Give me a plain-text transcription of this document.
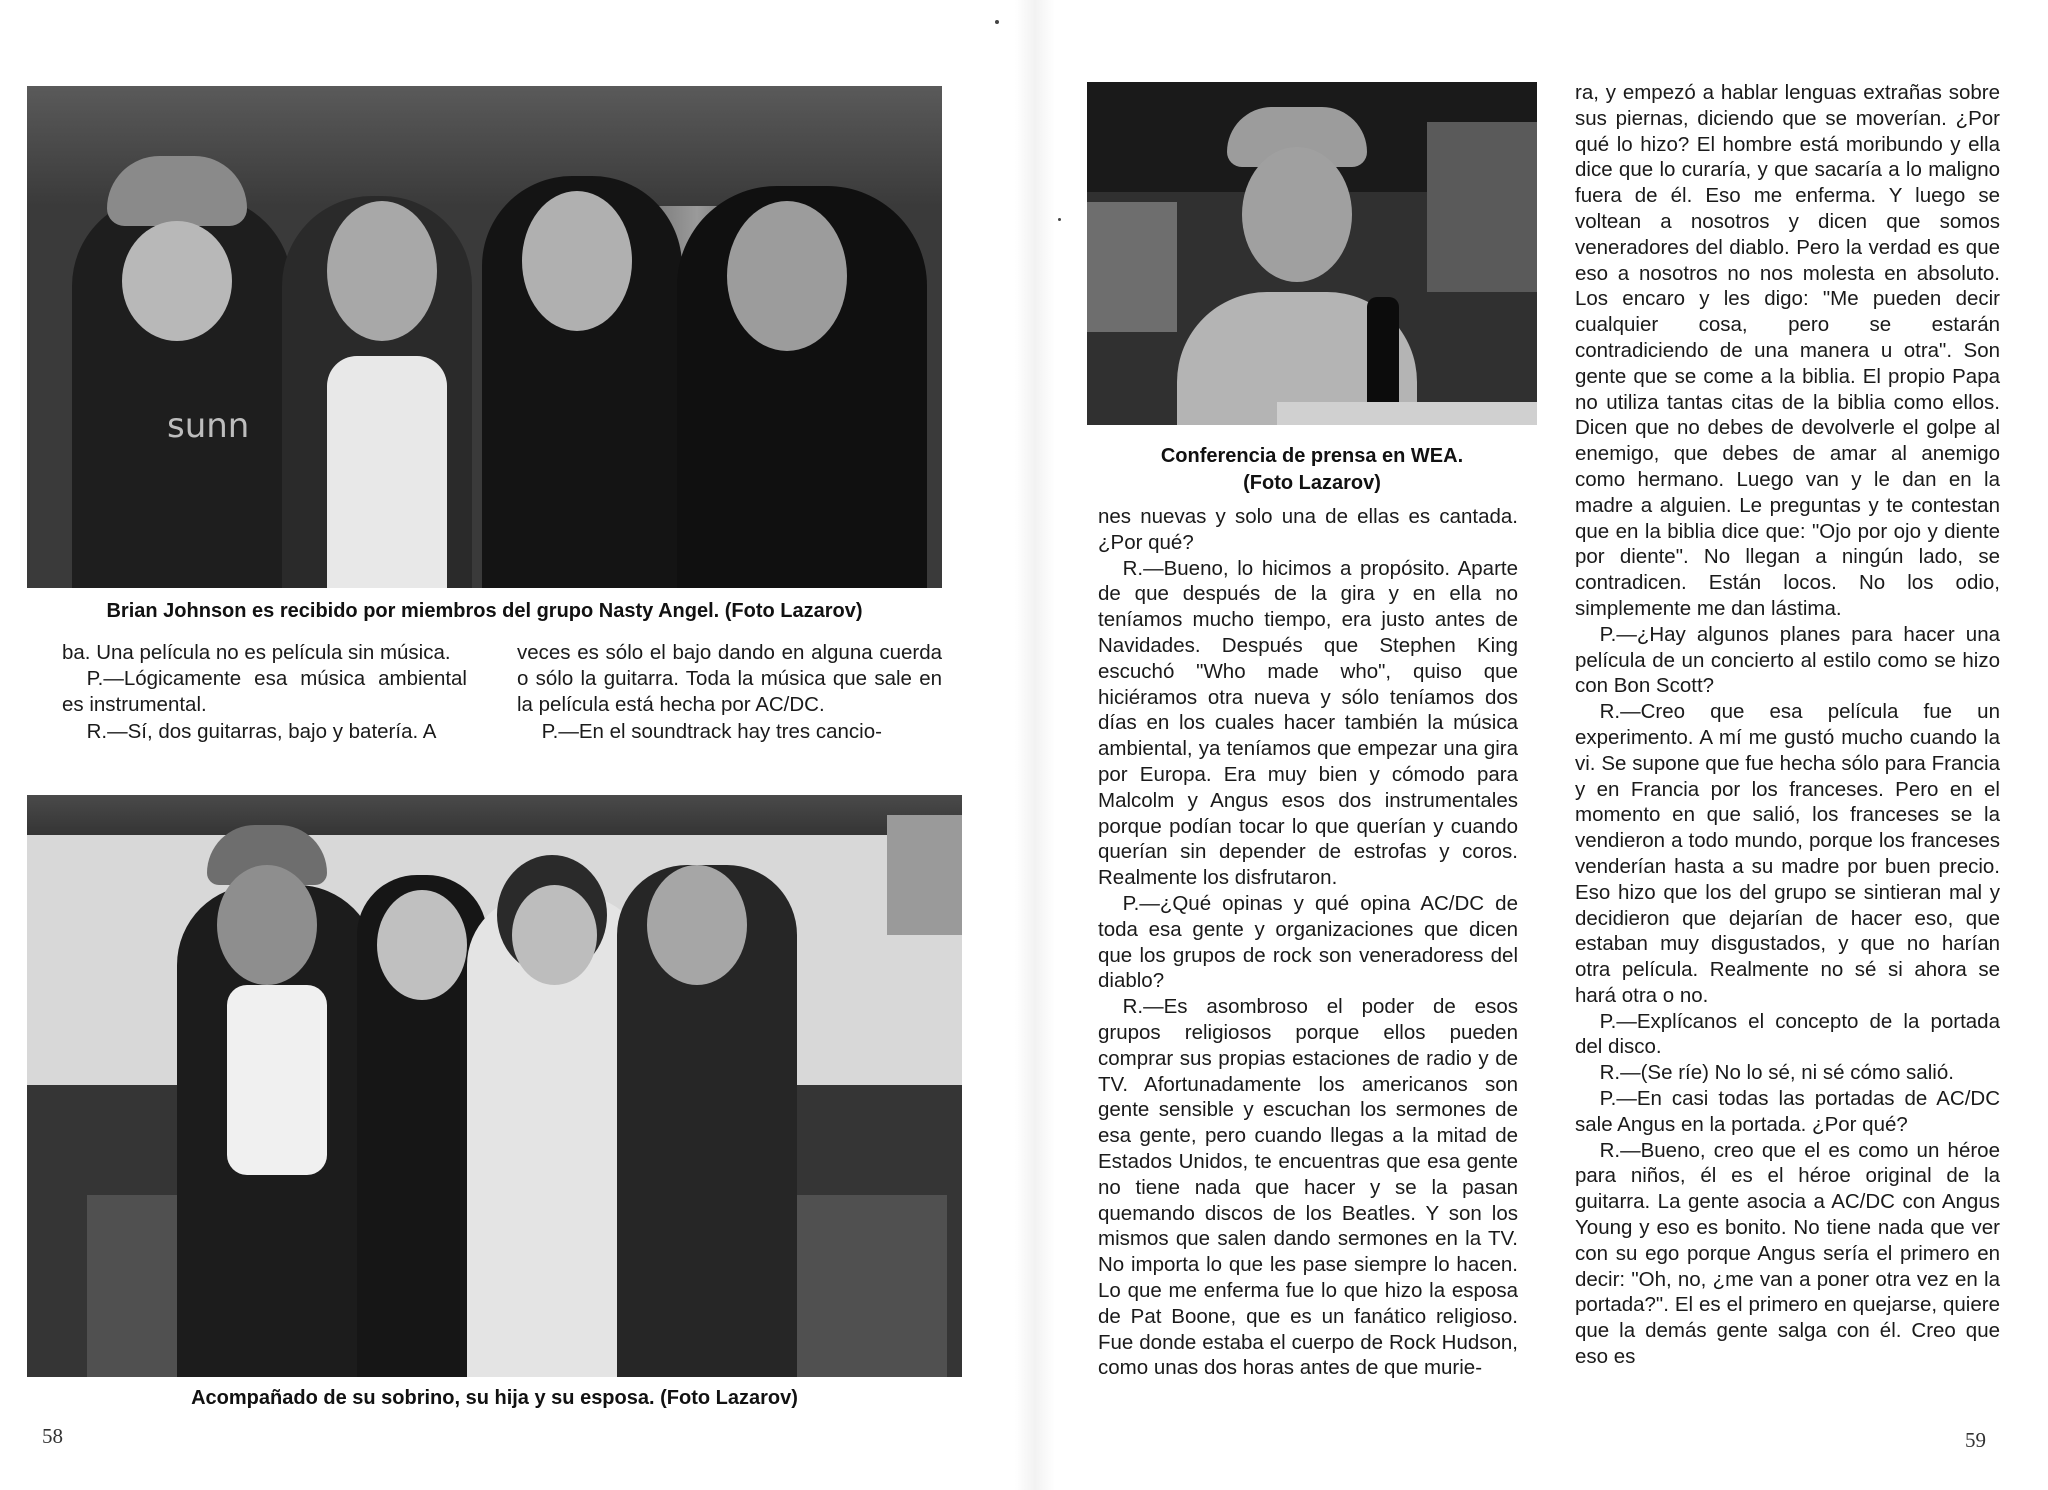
sunn
Brian Johnson es recibido por miembros del grupo Nasty Angel. (Foto Lazarov)

ba. Una película no es película sin música.

P.—Lógicamente esa música ambiental es instrumental.

R.—Sí, dos guitarras, bajo y batería. A

veces es sólo el bajo dando en alguna cuerda o sólo la guitarra. Toda la música que sale en la película está hecha por AC/DC.

P.—En el soundtrack hay tres cancio-

Acompañado de su sobrino, su hija y su esposa. (Foto Lazarov)
58
Conferencia de prensa en WEA.
(Foto Lazarov)

nes nuevas y solo una de ellas es cantada. ¿Por qué?

R.—Bueno, lo hicimos a propósito. Aparte de que después de la gira y en ella no teníamos mucho tiempo, era justo antes de Navidades. Después que Stephen King escuchó "Who made who", quiso que hiciéramos otra nueva y sólo teníamos dos días en los cuales hacer también la música ambiental, ya teníamos que empezar una gira por Europa. Era muy bien y cómodo para Malcolm y Angus esos dos instrumentales porque podían tocar lo que querían y cuando querían sin depender de estrofas y coros. Realmente los disfrutaron.

P.—¿Qué opinas y qué opina AC/DC de toda esa gente y organizaciones que dicen que los grupos de rock son veneradoress del diablo?

R.—Es asombroso el poder de esos grupos religiosos porque ellos pueden comprar sus propias estaciones de radio y de TV. Afortunadamente los americanos son gente sensible y escuchan los sermones de esa gente, pero cuando llegas a la mitad de Estados Unidos, te encuentras que esa gente no tiene nada que hacer y se la pasan quemando discos de los Beatles. Y son los mismos que salen dando sermones en la TV. No importa lo que les pase siempre lo hacen. Lo que me enferma fue lo que hizo la esposa de Pat Boone, que es un fanático religioso. Fue donde estaba el cuerpo de Rock Hudson, como unas dos horas antes de que murie-

ra, y empezó a hablar lenguas extrañas sobre sus piernas, diciendo que se moverían. ¿Por qué lo hizo? El hombre está moribundo y ella dice que lo curaría, y que sacaría a lo maligno fuera de él. Eso me enferma. Y luego se voltean a nosotros y dicen que somos veneradores del diablo. Pero la verdad es que eso a nosotros no nos molesta en absoluto. Los encaro y les digo: "Me pueden decir cualquier cosa, pero se estarán contradiciendo de una manera u otra". Son gente que se come a la biblia. El propio Papa no utiliza tantas citas de la biblia como ellos. Dicen que no debes de devolverle el golpe al enemigo, que debes de amar al anemigo como hermano. Luego van y le dan en la madre a alguien. Le preguntas y te contestan que en la biblia dice que: "Ojo por ojo y diente por diente". No llegan a ningún lado, se contradicen. Están locos. No los odio, simplemente me dan lástima.

P.—¿Hay algunos planes para hacer una película de un concierto al estilo como se hizo con Bon Scott?

R.—Creo que esa película fue un experimento. A mí me gustó mucho cuando la vi. Se supone que fue hecha sólo para Francia y en Francia por los franceses. Pero en el momento en que salió, los franceses se la vendieron a todo mundo, porque los franceses venderían hasta a su madre por buen precio. Eso hizo que los del grupo se sintieran mal y decidieron que dejarían de hacer eso, que estaban muy disgustados, y que no harían otra película. Realmente no sé si ahora se hará otra o no.

P.—Explícanos el concepto de la portada del disco.

R.—(Se ríe) No lo sé, ni sé cómo salió.

P.—En casi todas las portadas de AC/DC sale Angus en la portada. ¿Por qué?

R.—Bueno, creo que el es como un héroe para niños, él es el héroe original de la guitarra. La gente asocia a AC/DC con Angus Young y eso es bonito. No tiene nada que ver con su ego porque Angus sería el primero en decir: "Oh, no, ¿me van a poner otra vez en la portada?". El es el primero en quejarse, quiere que la demás gente salga con él. Creo que eso es

59
